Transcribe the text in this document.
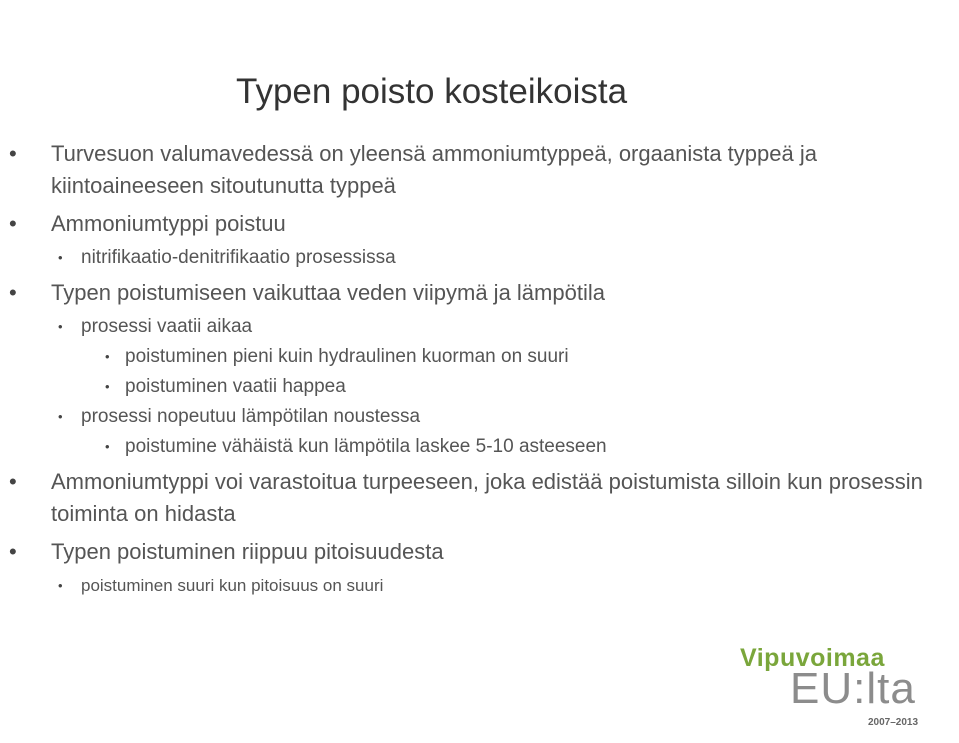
Typen poisto kosteikoista
• Turvesuon valumavedessä on yleensä ammoniumtyppeä, orgaanista typpeä ja kiintoaineeseen sitoutunutta typpeä
• Ammoniumtyppi poistuu
• nitrifikaatio-denitrifikaatio prosessissa
• Typen poistumiseen vaikuttaa veden viipymä ja lämpötila
• prosessi vaatii aikaa
• poistuminen pieni kuin hydraulinen kuorman on suuri
• poistuminen vaatii happea
• prosessi nopeutuu lämpötilan noustessa
• poistumine vähäistä kun lämpötila laskee 5-10 asteeseen
• Ammoniumtyppi voi varastoitua turpeeseen, joka edistää poistumista silloin kun prosessin toiminta on hidasta
• Typen poistuminen riippuu pitoisuudesta
• poistuminen suuri kun pitoisuus on suuri
Vipuvoimaa
EU:lta
2007–2013
